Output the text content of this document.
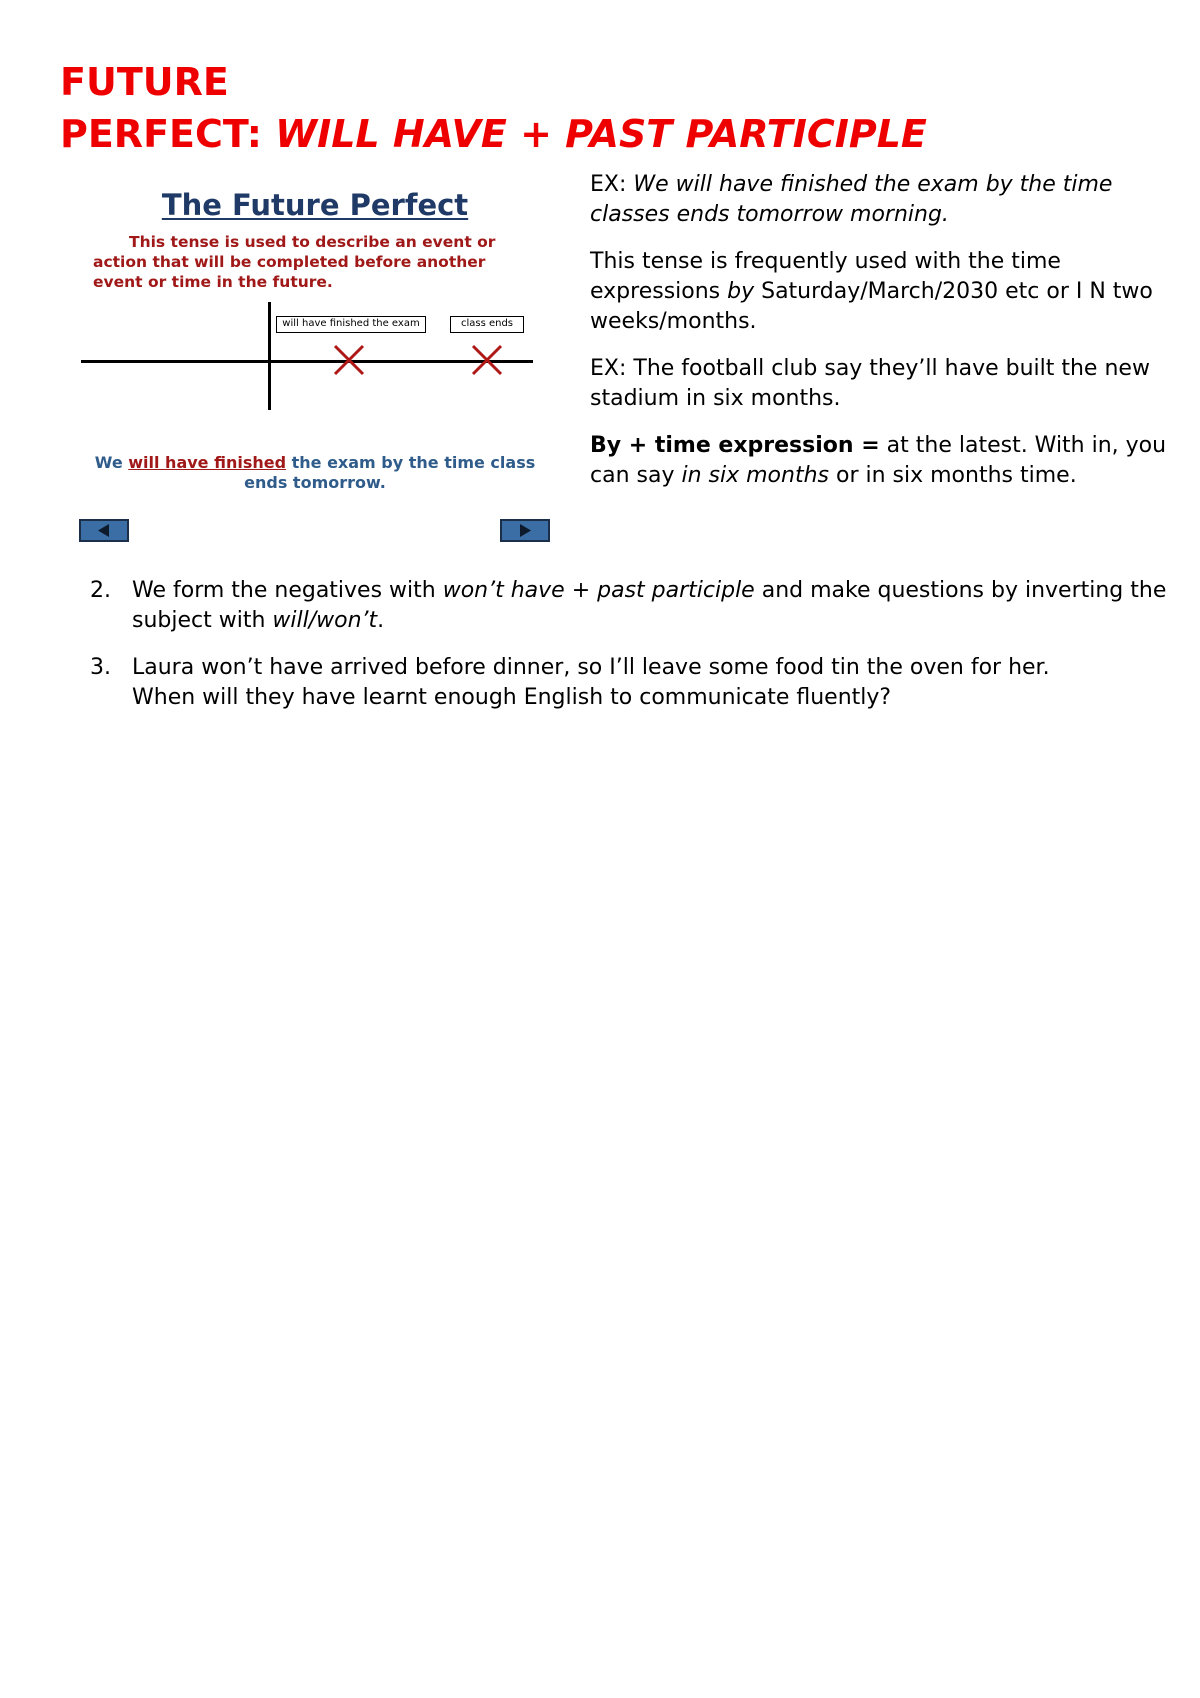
FUTURE
PERFECT: WILL HAVE + PAST PARTICIPLE
The Future Perfect
This tense is used to describe an event or action that will be completed before another event or time in the future.
will have finished the exam	class ends
We will have finished the exam by the time class ends tomorrow.

EX: We will have finished the exam by the time classes ends tomorrow morning.

This tense is frequently used with the time expressions by Saturday/March/2030 etc or I N two weeks/months.

EX: The football club say they’ll have built the new stadium in six months.

By + time expression = at the latest. With in, you can say in six months or in six months time.

2. We form the negatives with won’t have + past participle and make questions by inverting the subject with will/won’t.
3. Laura won’t have arrived before dinner, so I’ll leave some food tin the oven for her.
When will they have learnt enough English to communicate fluently?
